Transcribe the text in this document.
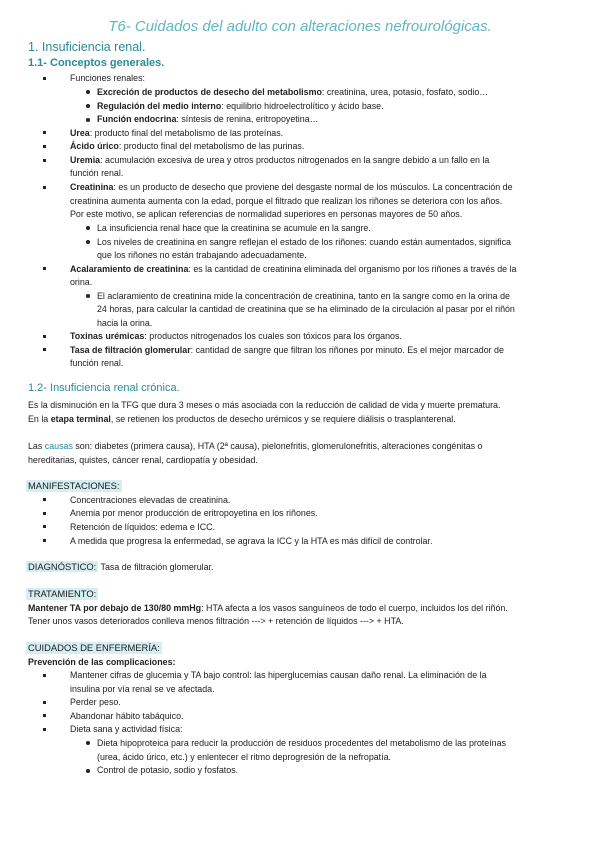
T6- Cuidados del adulto con alteraciones nefrourológicas.
1. Insuficiencia renal.
1.1- Conceptos generales.
Funciones renales:
Excreción de productos de desecho del metabolismo: creatinina, urea, potasio, fosfato, sodio…
Regulación del medio interno: equilibrio hidroelectrolítico y ácido base.
Función endocrina: síntesis de renina, eritropoyetina…
Urea: producto final del metabolismo de las proteínas.
Ácido úrico: producto final del metabolismo de las purinas.
Uremia: acumulación excesiva de urea y otros productos nitrogenados en la sangre debido a un fallo en la
función renal.
Creatinina: es un producto de desecho que proviene del desgaste normal de los músculos. La concentración de
creatinina aumenta aumenta con la edad, porque el filtrado que realizan los riñones se deteriora con los años.
Por este motivo, se aplican referencias de normalidad superiores en personas mayores de 50 años.
La insuficiencia renal hace que la creatinina se acumule en la sangre.
Los niveles de creatinina en sangre reflejan el estado de los riñones: cuando están aumentados, significa
que los riñones no están trabajando adecuadamente.
Acalaramiento de creatinina: es la cantidad de creatinina eliminada del organismo por los riñones a través de la
orina.
El aclaramiento de creatinina mide la concentración de creatinina, tanto en la sangre como en la orina de
24 horas, para calcular la cantidad de creatinina que se ha eliminado de la circulación al pasar por el riñón
hacia la orina.
Toxinas urémicas: productos nitrogenados los cuales son tóxicos para los órganos.
Tasa de filtración glomerular: cantidad de sangre que filtran los riñones por minuto. Es el mejor marcador de
función renal.
1.2- Insuficiencia renal crónica.
Es la disminución en la TFG que dura 3 meses o más asociada con la reducción de calidad de vida y muerte prematura.
En la etapa terminal, se retienen los productos de desecho urémicos y se requiere diálisis o trasplanterenal.
Las causas son: diabetes (primera causa), HTA (2ª causa), pielonefritis, glomerulonefritis, alteraciones congénitas o
hereditarias, quistes, cáncer renal, cardiopatía y obesidad.
MANIFESTACIONES:
Concentraciones elevadas de creatinina.
Anemia por menor producción de eritropoyetina en los riñones.
Retención de líquidos: edema e ICC.
A medida que progresa la enfermedad, se agrava la ICC y la HTA es más difícil de controlar.
DIAGNÓSTICO: Tasa de filtración glomerular.
TRATAMIENTO:
Mantener TA por debajo de 130/80 mmHg: HTA afecta a los vasos sanguíneos de todo el cuerpo, incluidos los del riñón.
Tener unos vasos deteriorados conlleva menos filtración ---> + retención de líquidos ---> + HTA.
CUIDADOS DE ENFERMERÍA:
Prevención de las complicaciones:
Mantener cifras de glucemia y TA bajo control: las hiperglucemias causan daño renal. La eliminación de la
insulina por vía renal se ve afectada.
Perder peso.
Abandonar hábito tabáquico.
Dieta sana y actividad física:
Dieta hipoproteica para reducir la producción de residuos procedentes del metabolismo de las proteínas
(urea, ácido úrico, etc.) y enlentecer el ritmo deprogresión de la nefropatía.
Control de potasio, sodio y fosfatos.
